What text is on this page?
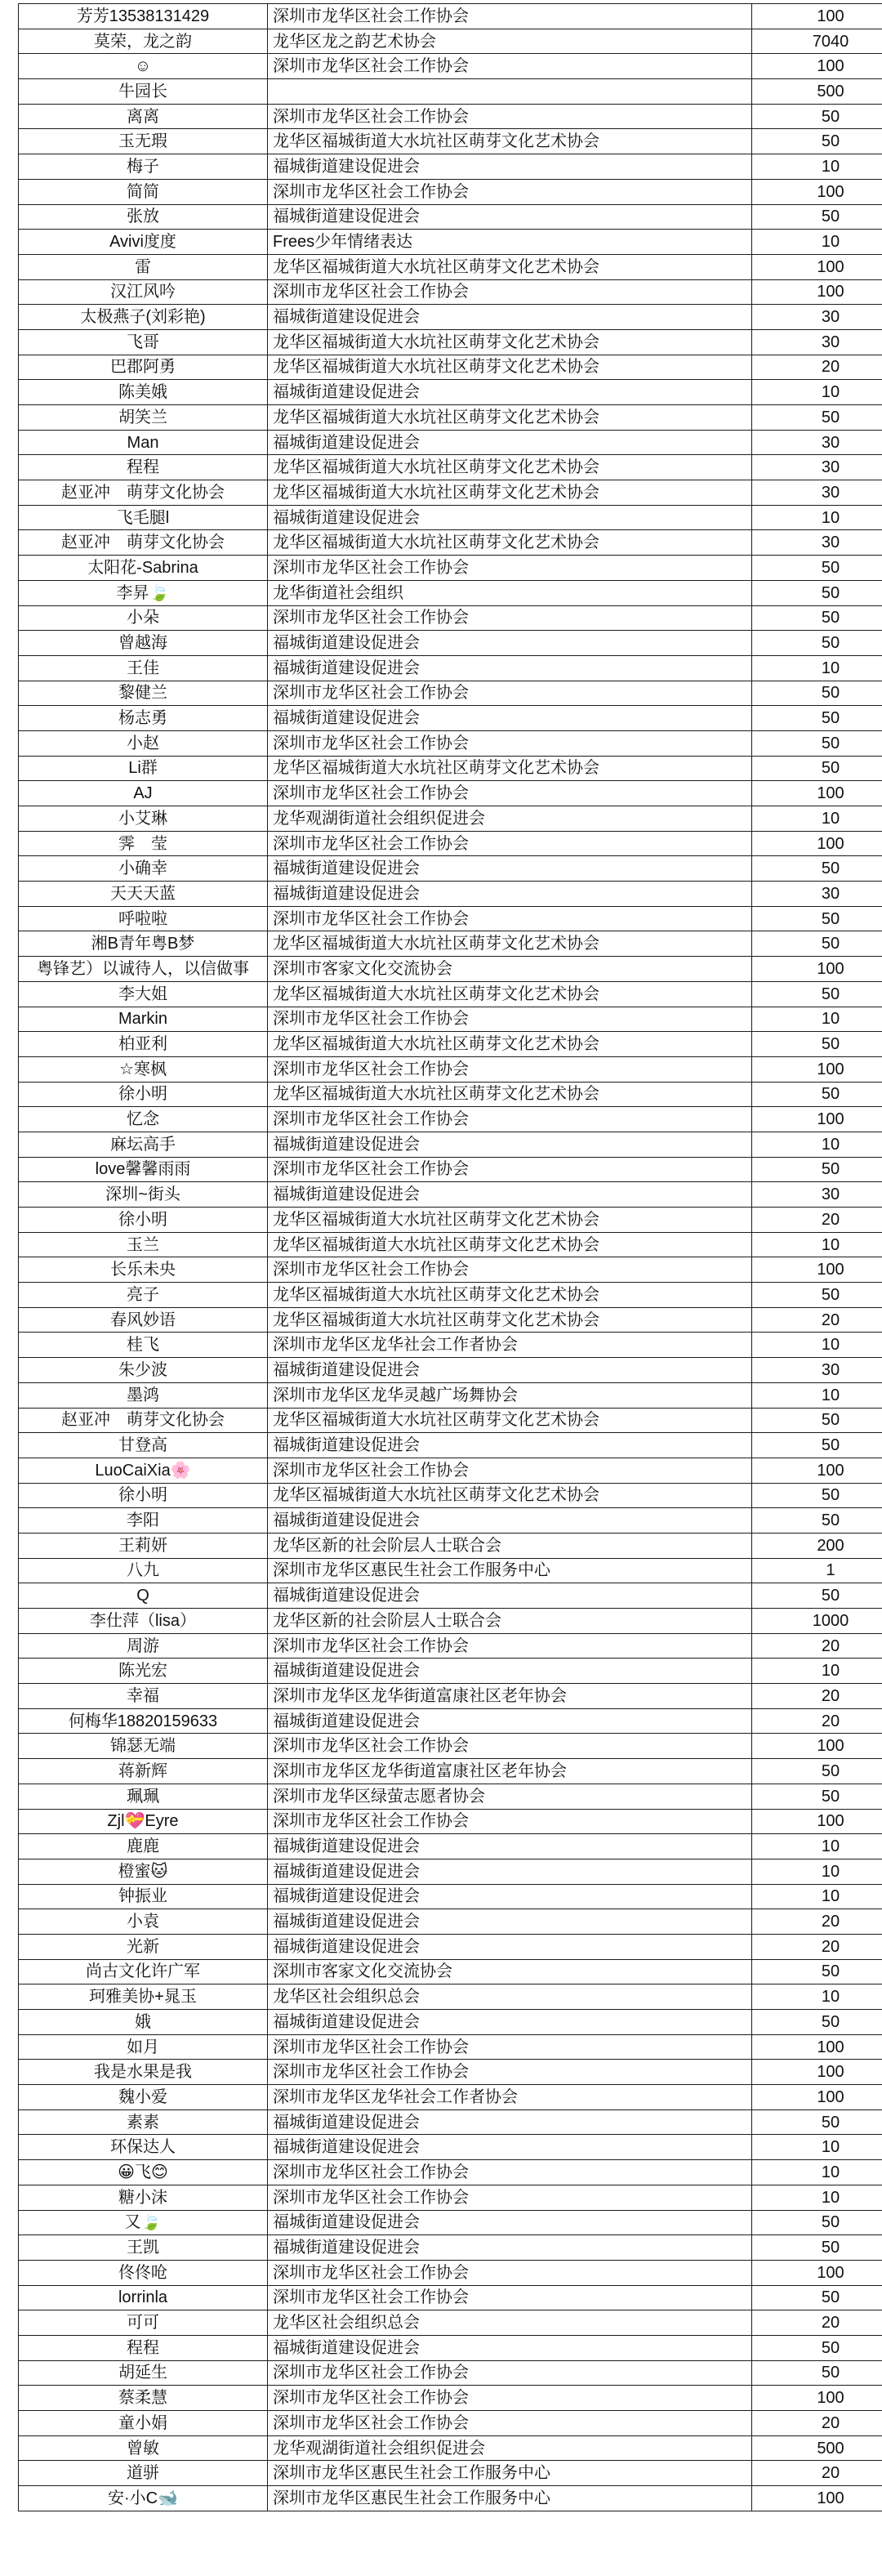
芳芳13538131429	深圳市龙华区社会工作协会	100
莫荣，龙之韵	龙华区龙之韵艺术协会	7040
☺	深圳市龙华区社会工作协会	100
牛园长		500
离离	深圳市龙华区社会工作协会	50
玉无瑕	龙华区福城街道大水坑社区萌芽文化艺术协会	50
梅子	福城街道建设促进会	10
简简	深圳市龙华区社会工作协会	100
张放	福城街道建设促进会	50
Avivi度度	Frees少年情绪表达	10
雷	龙华区福城街道大水坑社区萌芽文化艺术协会	100
汉江风吟	深圳市龙华区社会工作协会	100
太极燕子(刘彩艳)	福城街道建设促进会	30
飞哥	龙华区福城街道大水坑社区萌芽文化艺术协会	30
巴郡阿勇	龙华区福城街道大水坑社区萌芽文化艺术协会	20
陈美娥	福城街道建设促进会	10
胡笑兰	龙华区福城街道大水坑社区萌芽文化艺术协会	50
Man	福城街道建设促进会	30
程程	龙华区福城街道大水坑社区萌芽文化艺术协会	30
赵亚冲　萌芽文化协会	龙华区福城街道大水坑社区萌芽文化艺术协会	30
飞毛腿l	福城街道建设促进会	10
赵亚冲　萌芽文化协会	龙华区福城街道大水坑社区萌芽文化艺术协会	30
太阳花-Sabrina	深圳市龙华区社会工作协会	50
李昇🍃	龙华街道社会组织	50
小朵	深圳市龙华区社会工作协会	50
曾越海	福城街道建设促进会	50
王佳	福城街道建设促进会	10
黎健兰	深圳市龙华区社会工作协会	50
杨志勇	福城街道建设促进会	50
小赵	深圳市龙华区社会工作协会	50
Li群	龙华区福城街道大水坑社区萌芽文化艺术协会	50
AJ	深圳市龙华区社会工作协会	100
小艾琳	龙华观湖街道社会组织促进会	10
霁　莹	深圳市龙华区社会工作协会	100
小确幸	福城街道建设促进会	50
天天天蓝	福城街道建设促进会	30
呼啦啦	深圳市龙华区社会工作协会	50
湘B青年粤B梦	龙华区福城街道大水坑社区萌芽文化艺术协会	50
粤锋艺）以诚待人，以信做事	深圳市客家文化交流协会	100
李大姐	龙华区福城街道大水坑社区萌芽文化艺术协会	50
Markin	深圳市龙华区社会工作协会	10
柏亚利	龙华区福城街道大水坑社区萌芽文化艺术协会	50
☆寒枫	深圳市龙华区社会工作协会	100
徐小明	龙华区福城街道大水坑社区萌芽文化艺术协会	50
忆念	深圳市龙华区社会工作协会	100
麻坛高手	福城街道建设促进会	10
love馨馨雨雨	深圳市龙华区社会工作协会	50
深圳~街头	福城街道建设促进会	30
徐小明	龙华区福城街道大水坑社区萌芽文化艺术协会	20
玉兰	龙华区福城街道大水坑社区萌芽文化艺术协会	10
长乐未央	深圳市龙华区社会工作协会	100
亮子	龙华区福城街道大水坑社区萌芽文化艺术协会	50
春风妙语	龙华区福城街道大水坑社区萌芽文化艺术协会	20
桂飞	深圳市龙华区龙华社会工作者协会	10
朱少波	福城街道建设促进会	30
墨鸿	深圳市龙华区龙华灵越广场舞协会	10
赵亚冲　萌芽文化协会	龙华区福城街道大水坑社区萌芽文化艺术协会	50
甘登高	福城街道建设促进会	50
LuoCaiXia🌸	深圳市龙华区社会工作协会	100
徐小明	龙华区福城街道大水坑社区萌芽文化艺术协会	50
李阳	福城街道建设促进会	50
王莉妍	龙华区新的社会阶层人士联合会	200
八九	深圳市龙华区惠民生社会工作服务中心	1
Q	福城街道建设促进会	50
李仕萍（lisa）	龙华区新的社会阶层人士联合会	1000
周游	深圳市龙华区社会工作协会	20
陈光宏	福城街道建设促进会	10
幸福	深圳市龙华区龙华街道富康社区老年协会	20
何梅华18820159633	福城街道建设促进会	20
锦瑟无端	深圳市龙华区社会工作协会	100
蒋新辉	深圳市龙华区龙华街道富康社区老年协会	50
珮珮	深圳市龙华区绿萤志愿者协会	50
Zjl💝Eyre	深圳市龙华区社会工作协会	100
鹿鹿	福城街道建设促进会	10
橙蜜🐱	福城街道建设促进会	10
钟振业	福城街道建设促进会	10
小袁	福城街道建设促进会	20
光新	福城街道建设促进会	20
尚古文化许广军	深圳市客家文化交流协会	50
珂雅美协+晁玉	龙华区社会组织总会	10
娥	福城街道建设促进会	50
如月	深圳市龙华区社会工作协会	100
我是水果是我	深圳市龙华区社会工作协会	100
魏小爱	深圳市龙华区龙华社会工作者协会	100
素素	福城街道建设促进会	50
环保达人	福城街道建设促进会	10
😀飞😊	深圳市龙华区社会工作协会	10
糖小沫	深圳市龙华区社会工作协会	10
又🍃	福城街道建设促进会	50
王凯	福城街道建设促进会	50
佟佟呛	深圳市龙华区社会工作协会	100
lorrinla	深圳市龙华区社会工作协会	50
可可	龙华区社会组织总会	20
程程	福城街道建设促进会	50
胡延生	深圳市龙华区社会工作协会	50
蔡柔慧	深圳市龙华区社会工作协会	100
童小娟	深圳市龙华区社会工作协会	20
曾敏	龙华观湖街道社会组织促进会	500
道骈	深圳市龙华区惠民生社会工作服务中心	20
安·小C🐋	深圳市龙华区惠民生社会工作服务中心	100
